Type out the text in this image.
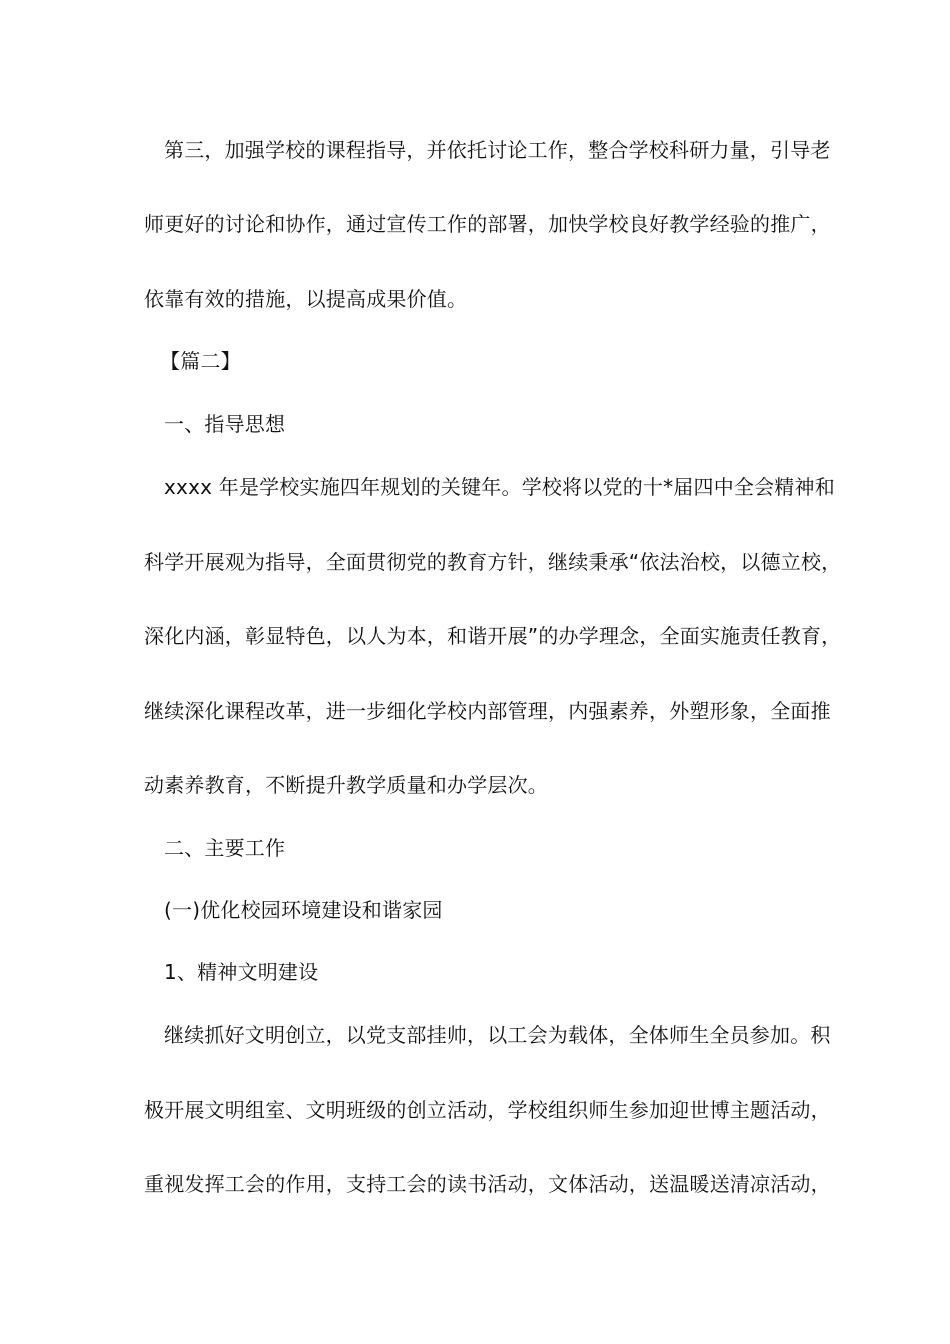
第三，加强学校的课程指导，并依托讨论工作，整合学校科研力量，引导老
师更好的讨论和协作，通过宣传工作的部署，加快学校良好教学经验的推广，
依靠有效的措施，以提高成果价值。
【篇二】
一、指导思想
xxxx 年是学校实施四年规划的关键年。学校将以党的十*届四中全会精神和
科学开展观为指导，全面贯彻党的教育方针，继续秉承“依法治校，以德立校，
深化内涵，彰显特色，以人为本，和谐开展”的办学理念，全面实施责任教育，
继续深化课程改革，进一步细化学校内部管理，内强素养，外塑形象，全面推
动素养教育，不断提升教学质量和办学层次。
二、主要工作
(一)优化校园环境建设和谐家园
1、精神文明建设
继续抓好文明创立，以党支部挂帅，以工会为载体，全体师生全员参加。积
极开展文明组室、文明班级的创立活动，学校组织师生参加迎世博主题活动，
重视发挥工会的作用，支持工会的读书活动，文体活动，送温暖送清凉活动，
